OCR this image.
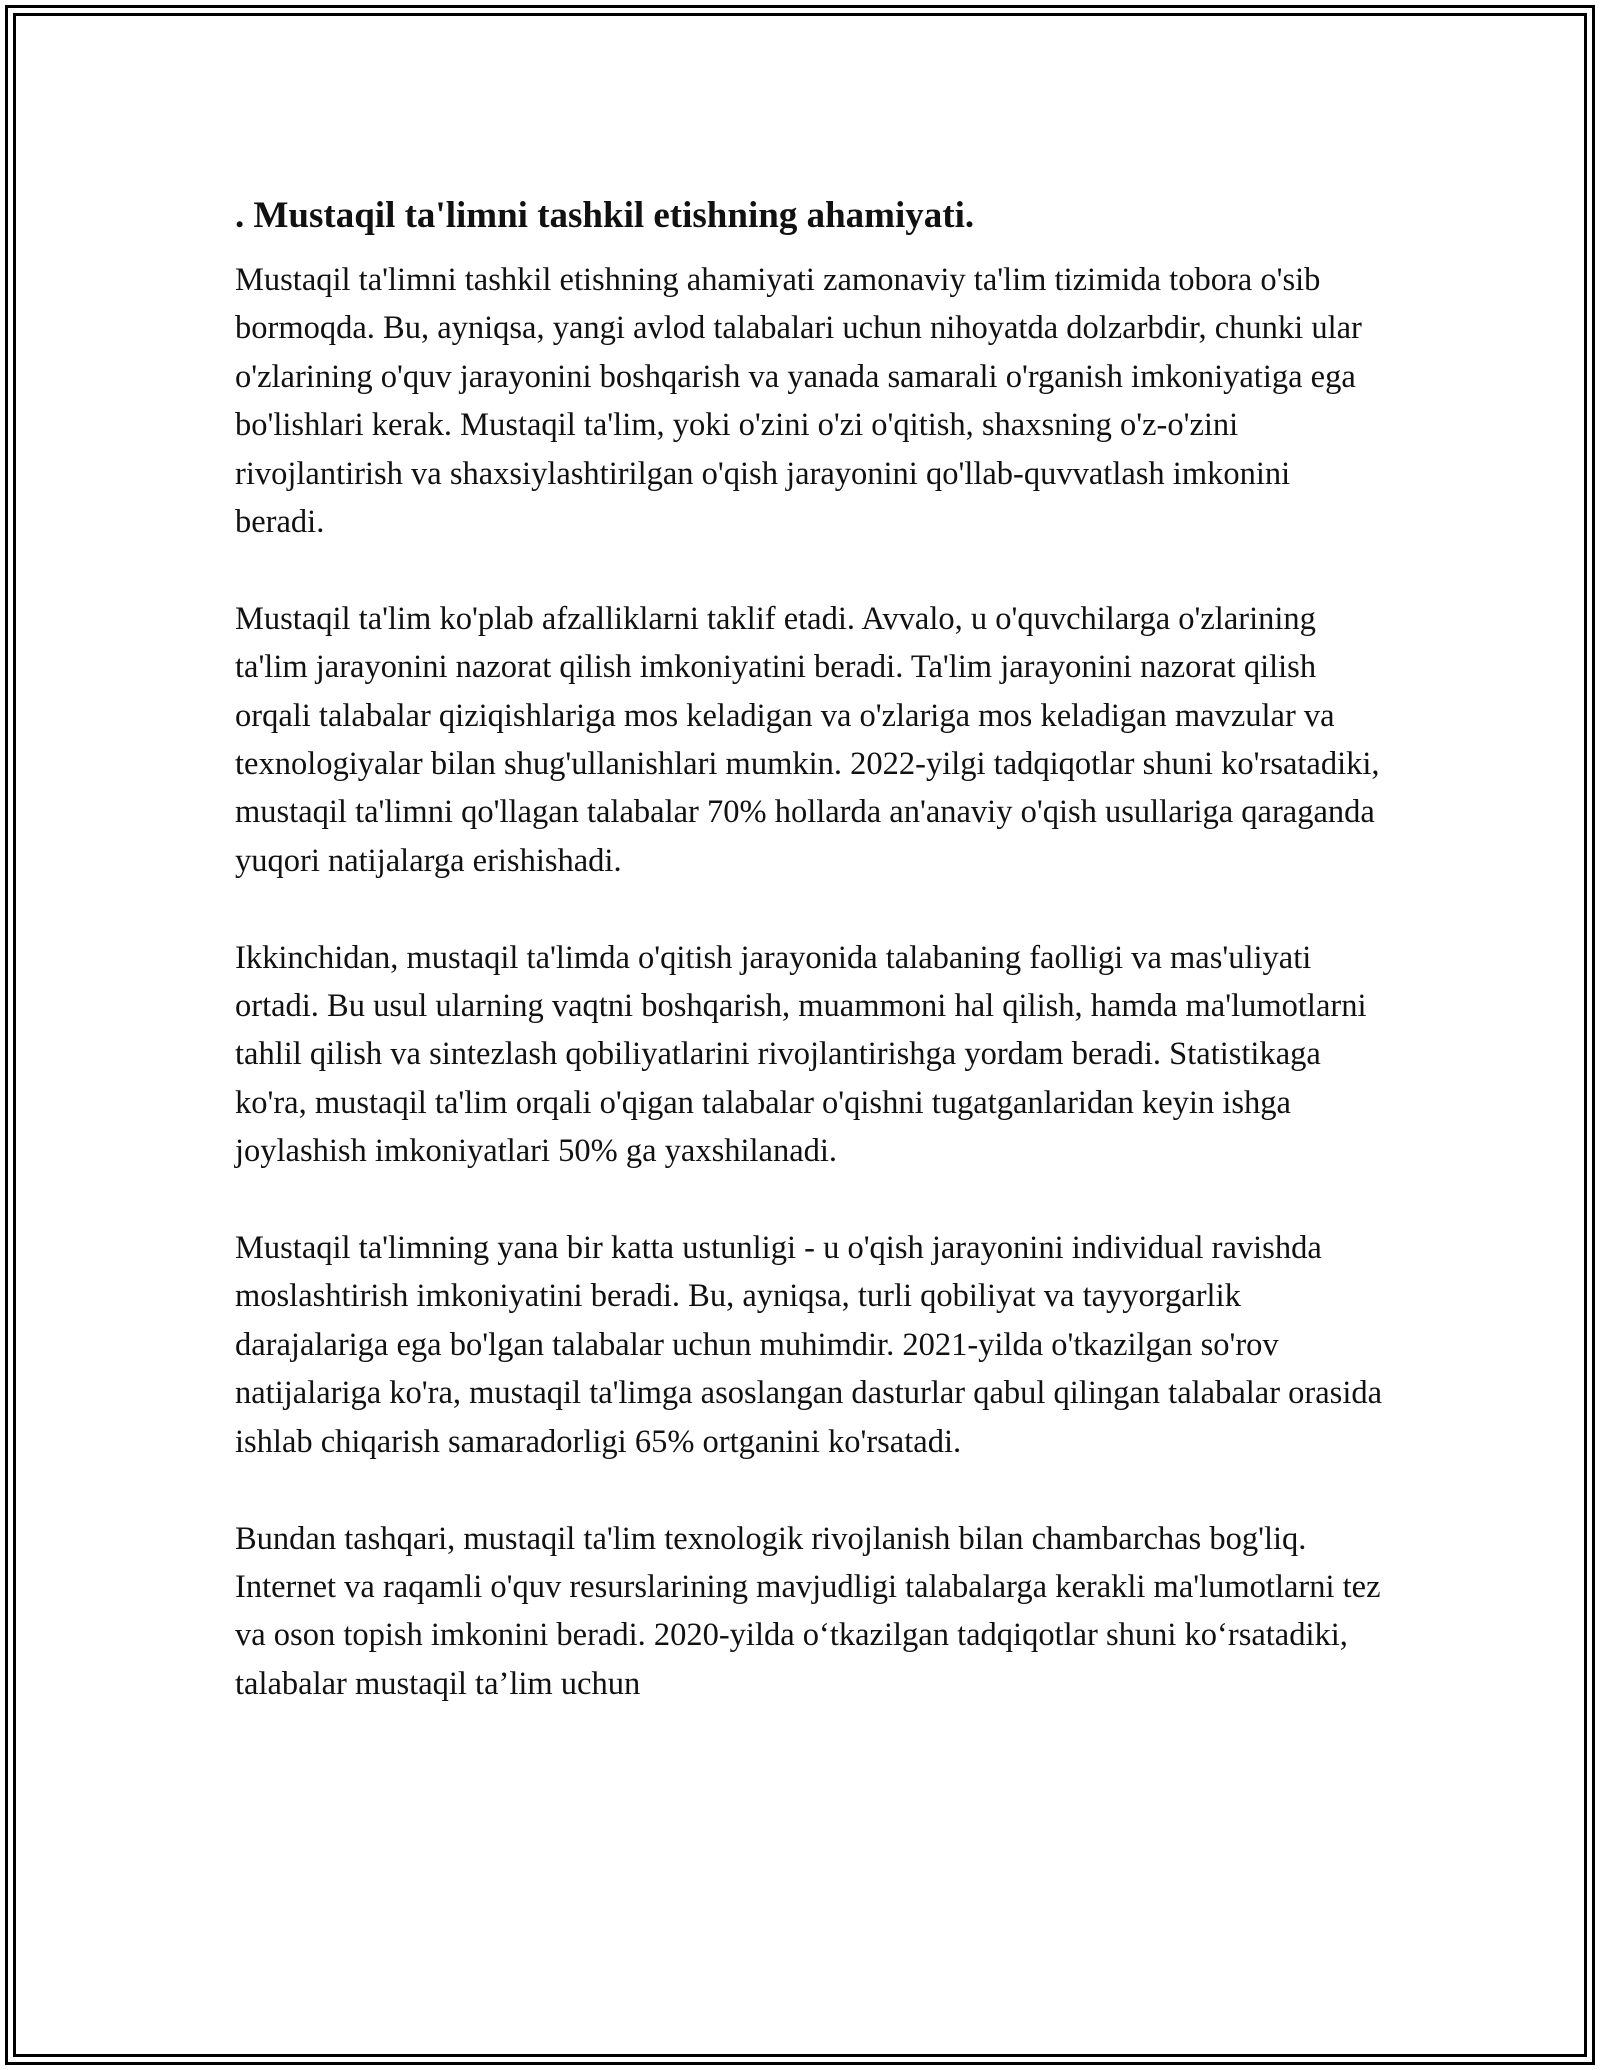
. Mustaqil ta'limni tashkil etishning ahamiyati.

Mustaqil ta'limni tashkil etishning ahamiyati zamonaviy ta'lim tizimida tobora o'sib bormoqda. Bu, ayniqsa, yangi avlod talabalari uchun nihoyatda dolzarbdir, chunki ular o'zlarining o'quv jarayonini boshqarish va yanada samarali o'rganish imkoniyatiga ega bo'lishlari kerak. Mustaqil ta'lim, yoki o'zini o'zi o'qitish, shaxsning o'z-o'zini rivojlantirish va shaxsiylashtirilgan o'qish jarayonini qo'llab-quvvatlash imkonini beradi.

Mustaqil ta'lim ko'plab afzalliklarni taklif etadi. Avvalo, u o'quvchilarga o'zlarining ta'lim jarayonini nazorat qilish imkoniyatini beradi. Ta'lim jarayonini nazorat qilish orqali talabalar qiziqishlariga mos keladigan va o'zlariga mos keladigan mavzular va texnologiyalar bilan shug'ullanishlari mumkin. 2022-yilgi tadqiqotlar shuni ko'rsatadiki, mustaqil ta'limni qo'llagan talabalar 70% hollarda an'anaviy o'qish usullariga qaraganda yuqori natijalarga erishishadi.

Ikkinchidan, mustaqil ta'limda o'qitish jarayonida talabaning faolligi va mas'uliyati ortadi. Bu usul ularning vaqtni boshqarish, muammoni hal qilish, hamda ma'lumotlarni tahlil qilish va sintezlash qobiliyatlarini rivojlantirishga yordam beradi. Statistikaga ko'ra, mustaqil ta'lim orqali o'qigan talabalar o'qishni tugatganlaridan keyin ishga joylashish imkoniyatlari 50% ga yaxshilanadi.

Mustaqil ta'limning yana bir katta ustunligi - u o'qish jarayonini individual ravishda moslashtirish imkoniyatini beradi. Bu, ayniqsa, turli qobiliyat va tayyorgarlik darajalariga ega bo'lgan talabalar uchun muhimdir. 2021-yilda o'tkazilgan so'rov natijalariga ko'ra, mustaqil ta'limga asoslangan dasturlar qabul qilingan talabalar orasida ishlab chiqarish samaradorligi 65% ortganini ko'rsatadi.

Bundan tashqari, mustaqil ta'lim texnologik rivojlanish bilan chambarchas bog'liq. Internet va raqamli o'quv resurslarining mavjudligi talabalarga kerakli ma'lumotlarni tez va oson topish imkonini beradi. 2020-yilda o‘tkazilgan tadqiqotlar shuni ko‘rsatadiki, talabalar mustaqil ta’lim uchun
